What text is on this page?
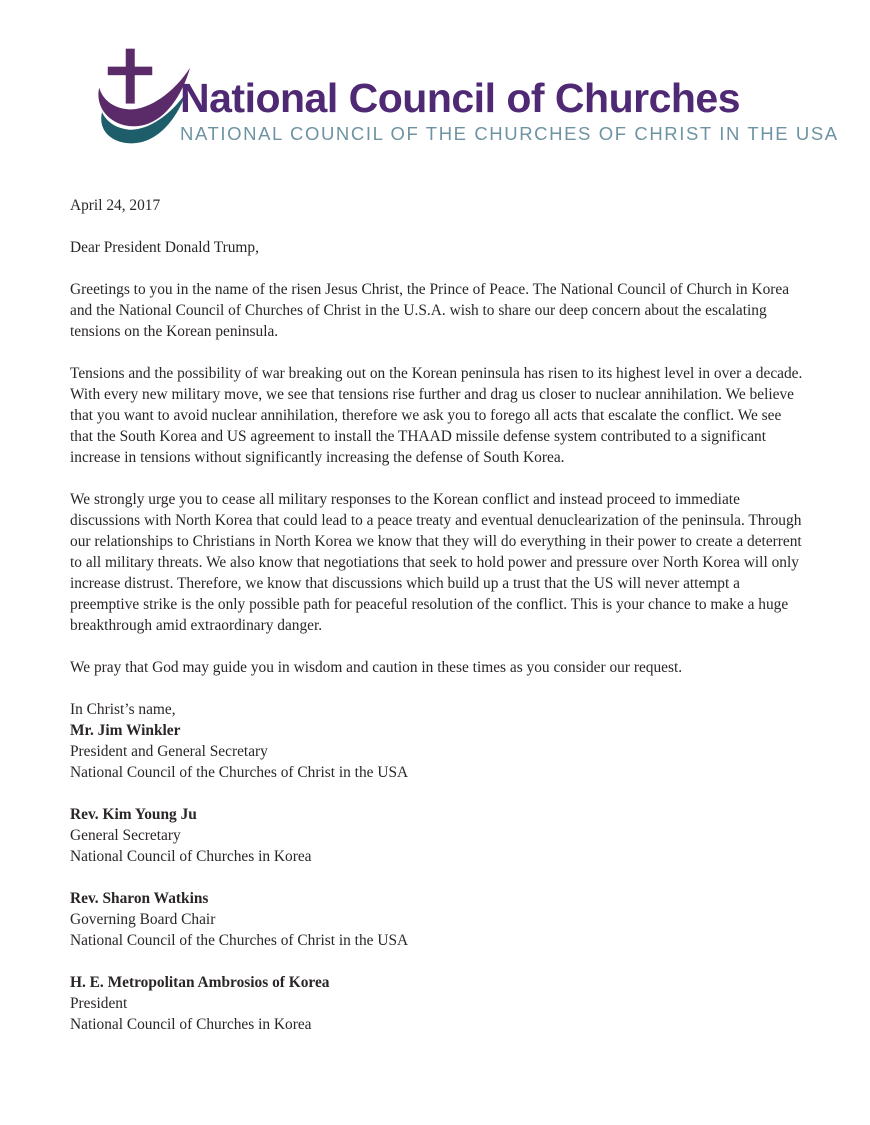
National Council of Churches
NATIONAL COUNCIL OF THE CHURCHES OF CHRIST IN THE USA

April 24, 2017

Dear President Donald Trump,

Greetings to you in the name of the risen Jesus Christ, the Prince of Peace. The National Council of Church in Korea and the National Council of Churches of Christ in the U.S.A. wish to share our deep concern about the escalating tensions on the Korean peninsula.

Tensions and the possibility of war breaking out on the Korean peninsula has risen to its highest level in over a decade. With every new military move, we see that tensions rise further and drag us closer to nuclear annihilation. We believe that you want to avoid nuclear annihilation, therefore we ask you to forego all acts that escalate the conflict. We see that the South Korea and US agreement to install the THAAD missile defense system contributed to a significant increase in tensions without significantly increasing the defense of South Korea.

We strongly urge you to cease all military responses to the Korean conflict and instead proceed to immediate discussions with North Korea that could lead to a peace treaty and eventual denuclearization of the peninsula. Through our relationships to Christians in North Korea we know that they will do everything in their power to create a deterrent to all military threats. We also know that negotiations that seek to hold power and pressure over North Korea will only increase distrust. Therefore, we know that discussions which build up a trust that the US will never attempt a preemptive strike is the only possible path for peaceful resolution of the conflict. This is your chance to make a huge breakthrough amid extraordinary danger.

We pray that God may guide you in wisdom and caution in these times as you consider our request.

In Christ’s name,

Mr. Jim Winkler

President and General Secretary

National Council of the Churches of Christ in the USA

Rev. Kim Young Ju

General Secretary

National Council of Churches in Korea

Rev. Sharon Watkins

Governing Board Chair

National Council of the Churches of Christ in the USA

H. E. Metropolitan Ambrosios of Korea

President

National Council of Churches in Korea
